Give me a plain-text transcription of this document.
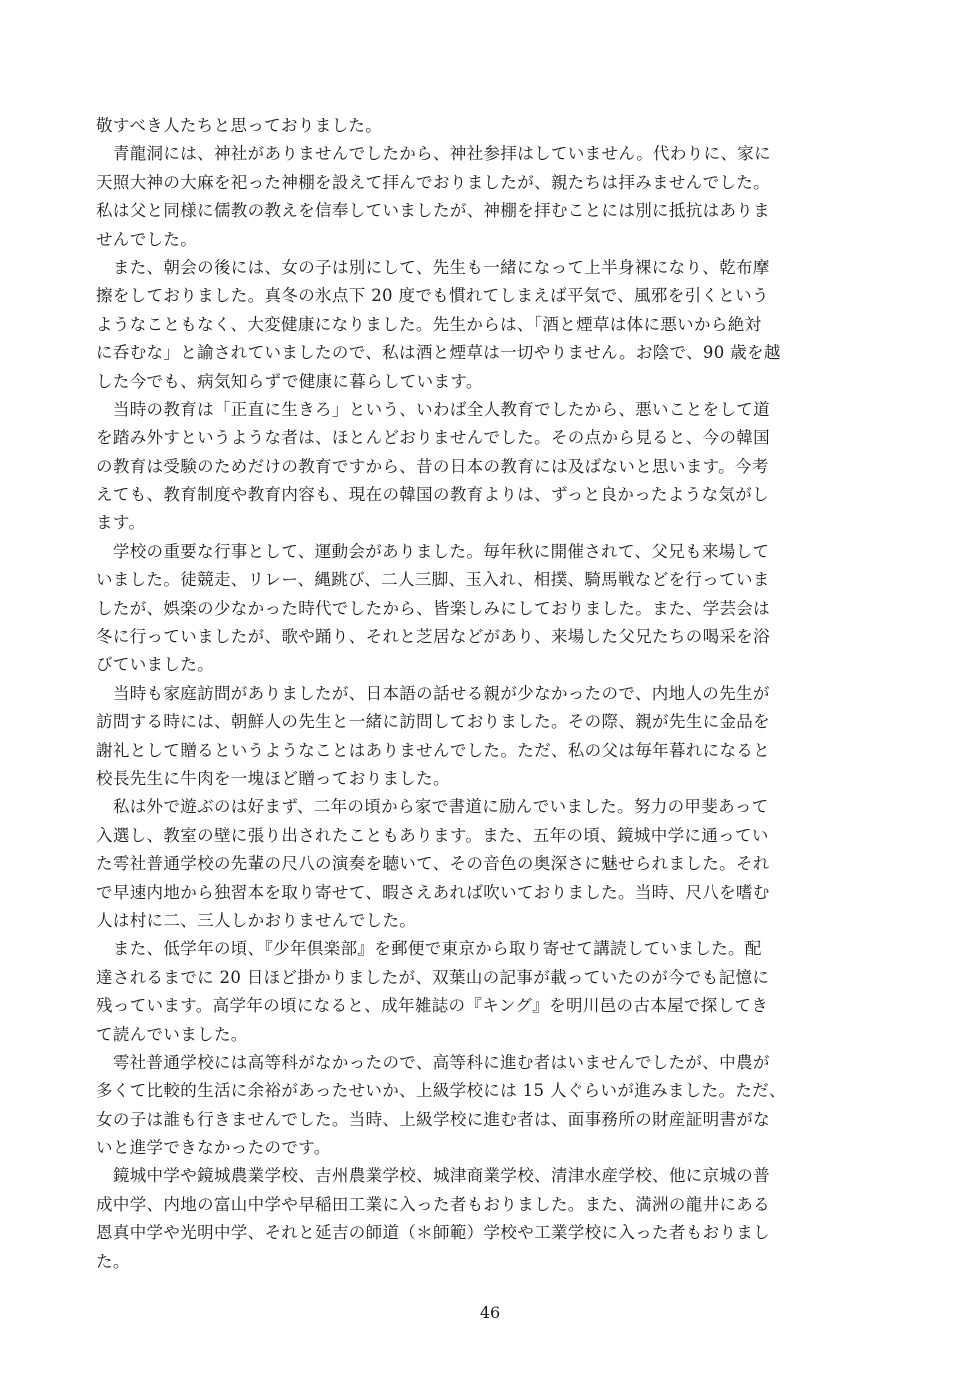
敬すべき人たちと思っておりました。
　青龍洞には、神社がありませんでしたから、神社参拝はしていません。代わりに、家に
天照大神の大麻を祀った神棚を設えて拝んでおりましたが、親たちは拝みませんでした。
私は父と同様に儒教の教えを信奉していましたが、神棚を拝むことには別に抵抗はありま
せんでした。
　また、朝会の後には、女の子は別にして、先生も一緒になって上半身裸になり、乾布摩
擦をしておりました。真冬の氷点下 20 度でも慣れてしまえば平気で、風邪を引くという
ようなこともなく、大変健康になりました。先生からは、「酒と煙草は体に悪いから絶対
に呑むな」と諭されていましたので、私は酒と煙草は一切やりません。お陰で、90 歳を越
した今でも、病気知らずで健康に暮らしています。
　当時の教育は「正直に生きろ」という、いわば全人教育でしたから、悪いことをして道
を踏み外すというような者は、ほとんどおりませんでした。その点から見ると、今の韓国
の教育は受験のためだけの教育ですから、昔の日本の教育には及ばないと思います。今考
えても、教育制度や教育内容も、現在の韓国の教育よりは、ずっと良かったような気がし
ます。
　学校の重要な行事として、運動会がありました。毎年秋に開催されて、父兄も来場して
いました。徒競走、リレー、縄跳び、二人三脚、玉入れ、相撲、騎馬戦などを行っていま
したが、娯楽の少なかった時代でしたから、皆楽しみにしておりました。また、学芸会は
冬に行っていましたが、歌や踊り、それと芝居などがあり、来場した父兄たちの喝采を浴
びていました。
　当時も家庭訪問がありましたが、日本語の話せる親が少なかったので、内地人の先生が
訪問する時には、朝鮮人の先生と一緒に訪問しておりました。その際、親が先生に金品を
謝礼として贈るというようなことはありませんでした。ただ、私の父は毎年暮れになると
校長先生に牛肉を一塊ほど贈っておりました。
　私は外で遊ぶのは好まず、二年の頃から家で書道に励んでいました。努力の甲斐あって
入選し、教室の壁に張り出されたこともあります。また、五年の頃、鏡城中学に通ってい
た雩社普通学校の先輩の尺八の演奏を聴いて、その音色の奥深さに魅せられました。それ
で早速内地から独習本を取り寄せて、暇さえあれば吹いておりました。当時、尺八を嗜む
人は村に二、三人しかおりませんでした。
　また、低学年の頃、『少年倶楽部』を郵便で東京から取り寄せて講読していました。配
達されるまでに 20 日ほど掛かりましたが、双葉山の記事が載っていたのが今でも記憶に
残っています。高学年の頃になると、成年雑誌の『キング』を明川邑の古本屋で探してき
て読んでいました。
　雩社普通学校には高等科がなかったので、高等科に進む者はいませんでしたが、中農が
多くて比較的生活に余裕があったせいか、上級学校には 15 人ぐらいが進みました。ただ、
女の子は誰も行きませんでした。当時、上級学校に進む者は、面事務所の財産証明書がな
いと進学できなかったのです。
　鏡城中学や鏡城農業学校、吉州農業学校、城津商業学校、清津水産学校、他に京城の普
成中学、内地の富山中学や早稲田工業に入った者もおりました。また、満洲の龍井にある
恩真中学や光明中学、それと延吉の師道（＊師範）学校や工業学校に入った者もおりまし
た。
46
